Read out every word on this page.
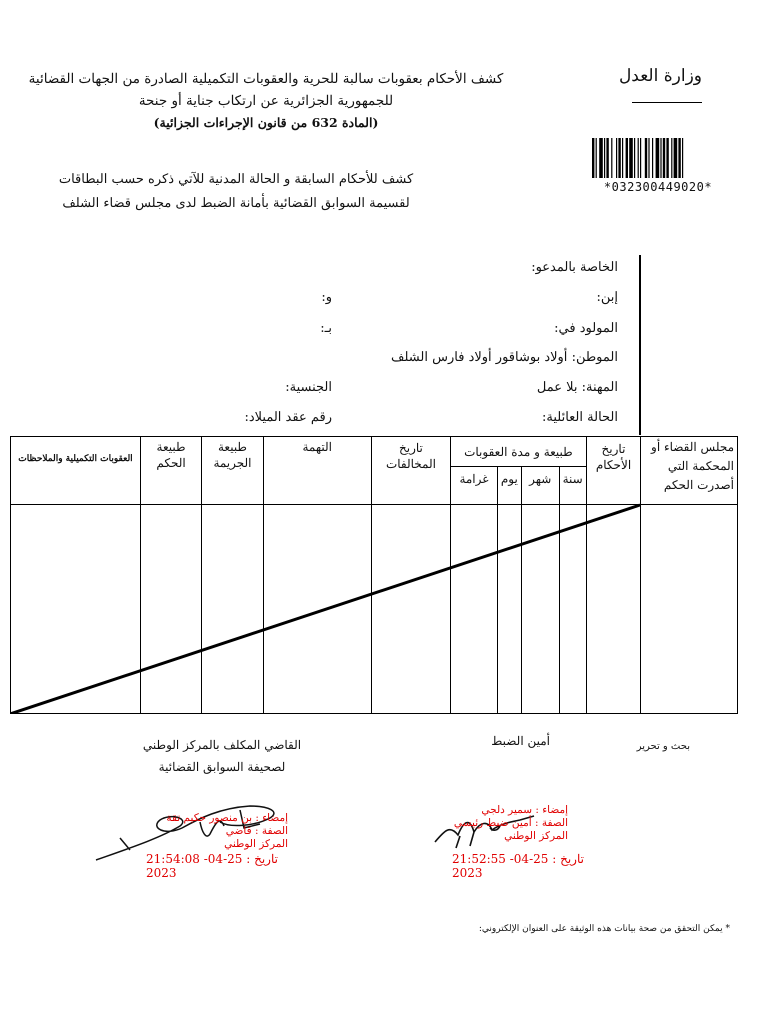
وزارة العدل
*032300449020*
كشف الأحكام بعقوبات سالبة للحرية والعقوبات التكميلية الصادرة من الجهات القضائية
للجمهورية الجزائرية عن ارتكاب جناية أو جنحة
(المادة 632 من قانون الإجراءات الجزائية)
كشف للأحكام السابقة و الحالة المدنية للآتي ذكره حسب البطاقات
لقسيمة السوابق القضائية بأمانة الضبط لدى مجلس قضاء الشلف
الخاصة بالمدعو:
إبن:
و:
المولود في:
بـ:
الموطن: أولاد بوشاقور أولاد فارس الشلف
المهنة: بلا عمل
الجنسية:
الحالة العائلية:
رقم عقد الميلاد:
مجلس القضاء أو المحكمة التي أصدرت الحكم	تاريخ الأحكام	طبيعة و مدة العقوبات				تاريخ المخالفات	التهمة	طبيعة الجريمة	طبيعة الحكم	العقوبات التكميلية والملاحظات
		سنة	شهر	يوم	غرامة					

بحث و تحرير
أمين الضبط
القاضي المكلف بالمركز الوطني
لصحيفة السوابق القضائية
إمضاء : سمير دلجي
الصفة : أمين ضبط رئيسي
المركز الوطني
21:52:55 تاريخ : 25-04-2023
إمضاء : بن منصور حكيم تقة
الصفة : قاضي
المركز الوطني
21:54:08 تاريخ : 25-04-2023
* يمكن التحقق من صحة بيانات هذه الوثيقة على العنوان الإلكتروني:
